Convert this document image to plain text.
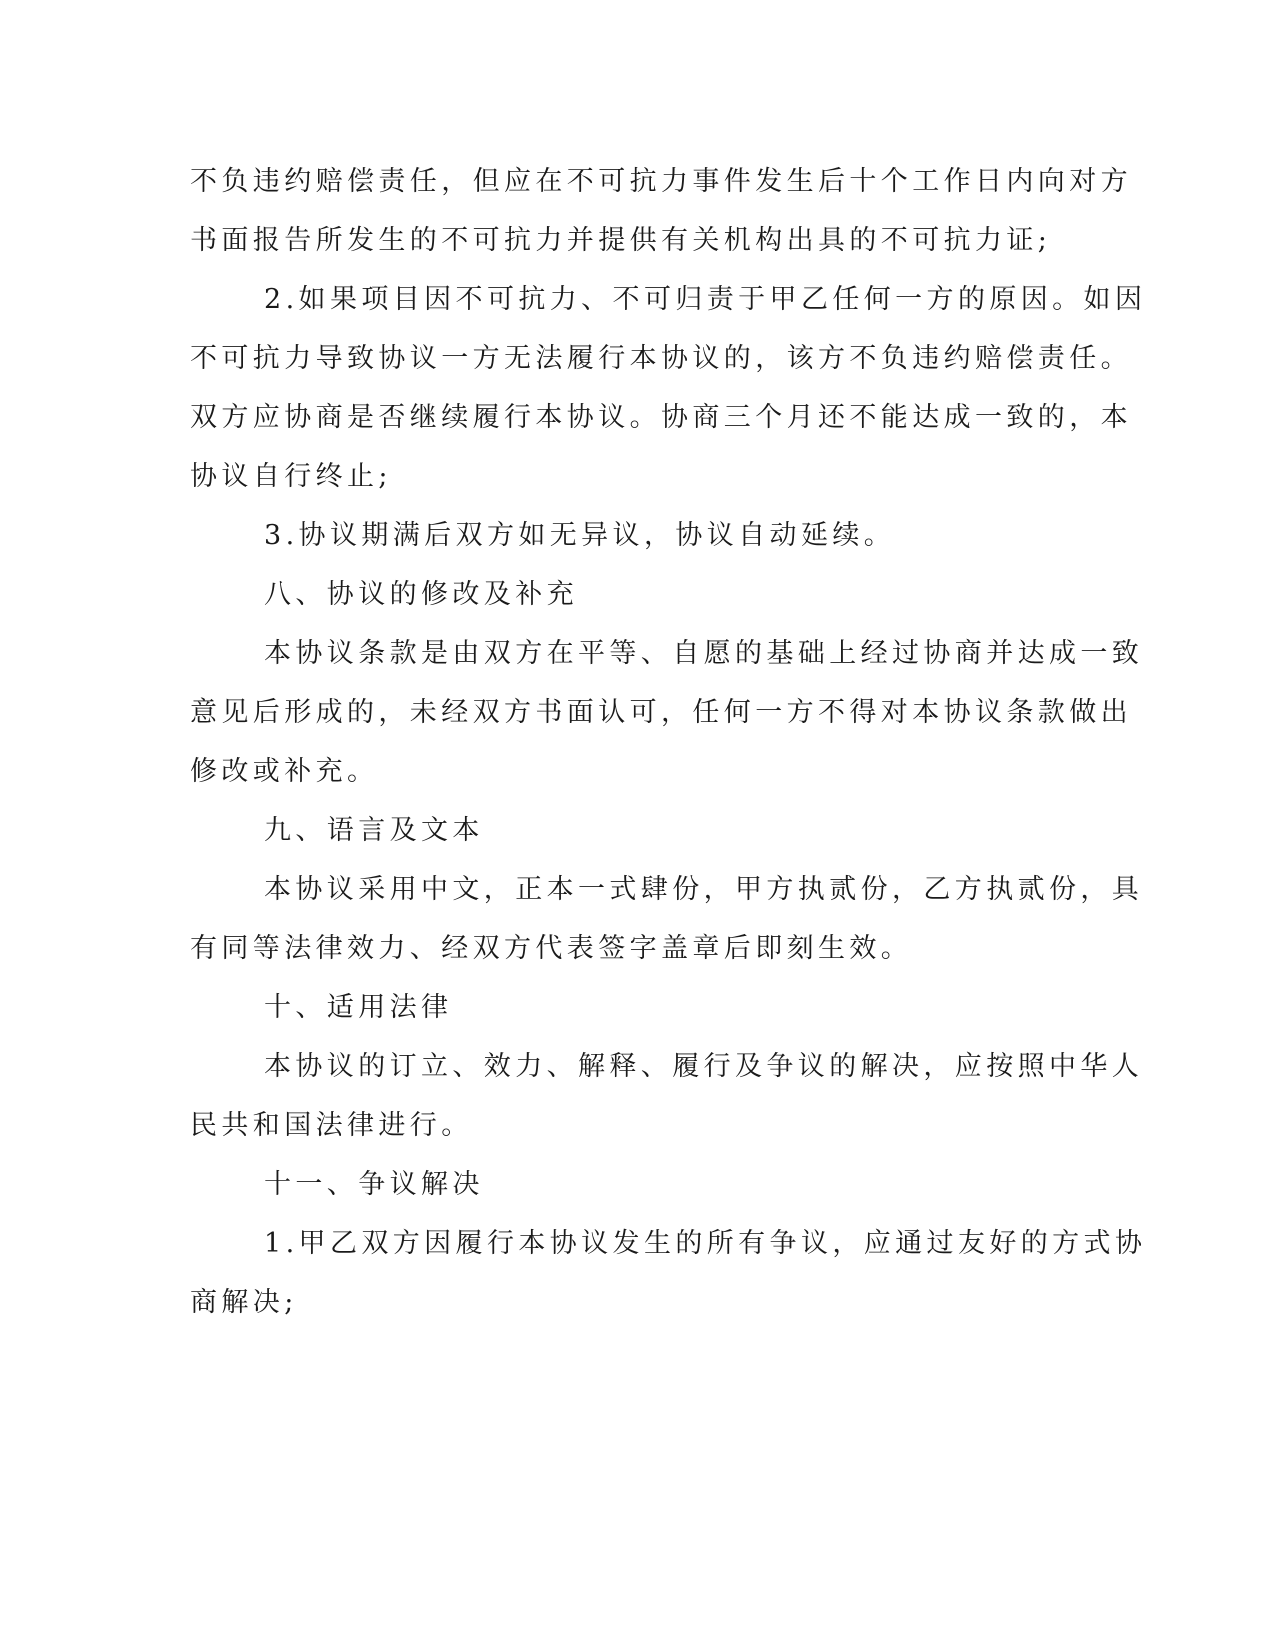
不负违约赔偿责任，但应在不可抗力事件发生后十个工作日内向对方
书面报告所发生的不可抗力并提供有关机构出具的不可抗力证;
2.如果项目因不可抗力、不可归责于甲乙任何一方的原因。如因
不可抗力导致协议一方无法履行本协议的，该方不负违约赔偿责任。
双方应协商是否继续履行本协议。协商三个月还不能达成一致的，本
协议自行终止;
3.协议期满后双方如无异议，协议自动延续。
八、协议的修改及补充
本协议条款是由双方在平等、自愿的基础上经过协商并达成一致
意见后形成的，未经双方书面认可，任何一方不得对本协议条款做出
修改或补充。
九、语言及文本
本协议采用中文，正本一式肆份，甲方执贰份，乙方执贰份，具
有同等法律效力、经双方代表签字盖章后即刻生效。
十、适用法律
本协议的订立、效力、解释、履行及争议的解决，应按照中华人
民共和国法律进行。
十一、争议解决
1.甲乙双方因履行本协议发生的所有争议，应通过友好的方式协
商解决;
